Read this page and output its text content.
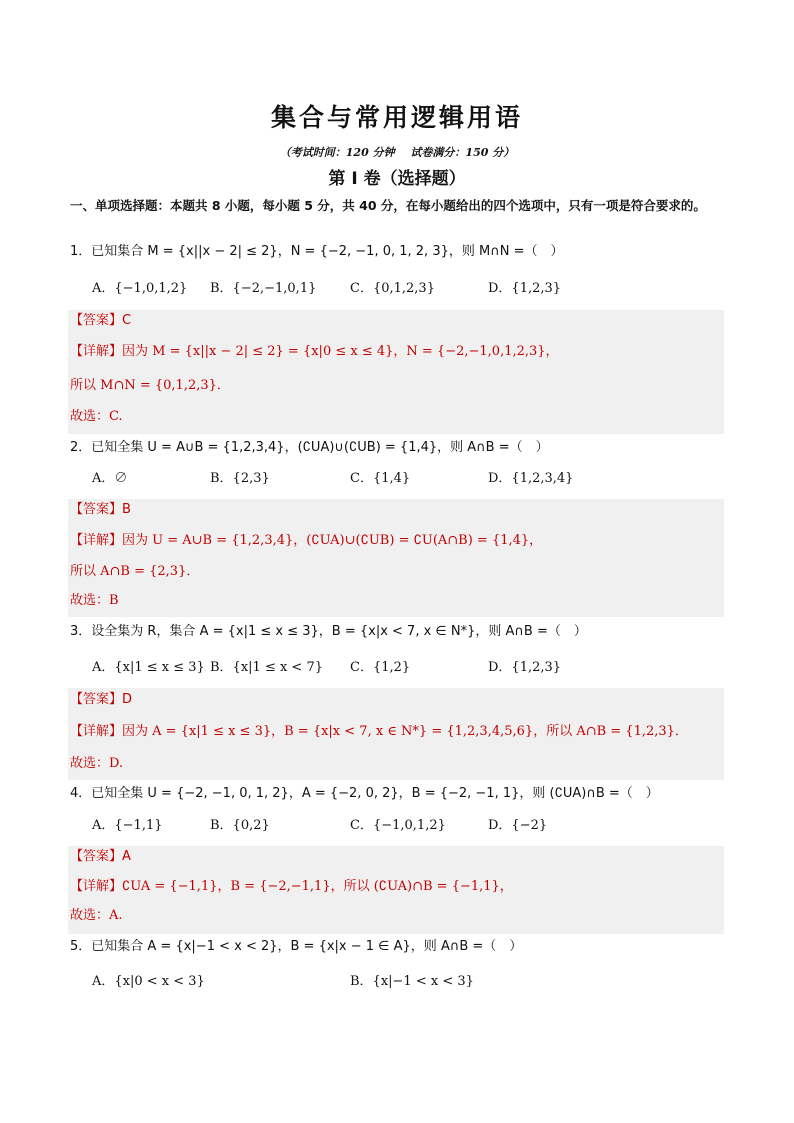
集合与常用逻辑用语
（考试时间：120 分钟 试卷满分：150 分）
第 I 卷（选择题）
一、单项选择题：本题共 8 小题，每小题 5 分，共 40 分，在每小题给出的四个选项中，只有一项是符合要求的。
1．已知集合 M = {x||x − 2| ≤ 2}，N = {−2, −1, 0, 1, 2, 3}，则 M∩N =（　）
A．{−1,0,1,2} B．{−2,−1,0,1}	C．{0,1,2,3}	D．{1,2,3}
【答案】C
【详解】因为 M = {x||x − 2| ≤ 2} = {x|0 ≤ x ≤ 4}，N = {−2,−1,0,1,2,3}，
所以 M∩N = {0,1,2,3}．
故选：C.
2．已知全集 U = A∪B = {1,2,3,4}，(∁UA)∪(∁UB) = {1,4}，则 A∩B =（　）
A．∅	B．{2,3}	C．{1,4}	D．{1,2,3,4}
【答案】B
【详解】因为 U = A∪B = {1,2,3,4}，(∁UA)∪(∁UB) = ∁U(A∩B) = {1,4}，
所以 A∩B = {2,3}．
故选：B
3．设全集为 R，集合 A = {x|1 ≤ x ≤ 3}，B = {x|x < 7, x ∈ N*}，则 A∩B =（　）
A．{x|1 ≤ x ≤ 3} B．{x|1 ≤ x < 7} C．{1,2}	D．{1,2,3}
【答案】D
【详解】因为 A = {x|1 ≤ x ≤ 3}，B = {x|x < 7, x ∈ N*} = {1,2,3,4,5,6}，所以 A∩B = {1,2,3}．
故选：D.
4．已知全集 U = {−2, −1, 0, 1, 2}，A = {−2, 0, 2}，B = {−2, −1, 1}，则 (∁UA)∩B =（　）
A．{−1,1}	B．{0,2}	C．{−1,0,1,2}	D．{−2}
【答案】A
【详解】∁UA = {−1,1}，B = {−2,−1,1}，所以 (∁UA)∩B = {−1,1}，
故选：A.
5．已知集合 A = {x|−1 < x < 2}，B = {x|x − 1 ∈ A}，则 A∩B =（　）
A．{x|0 < x < 3}	B．{x|−1 < x < 3}
